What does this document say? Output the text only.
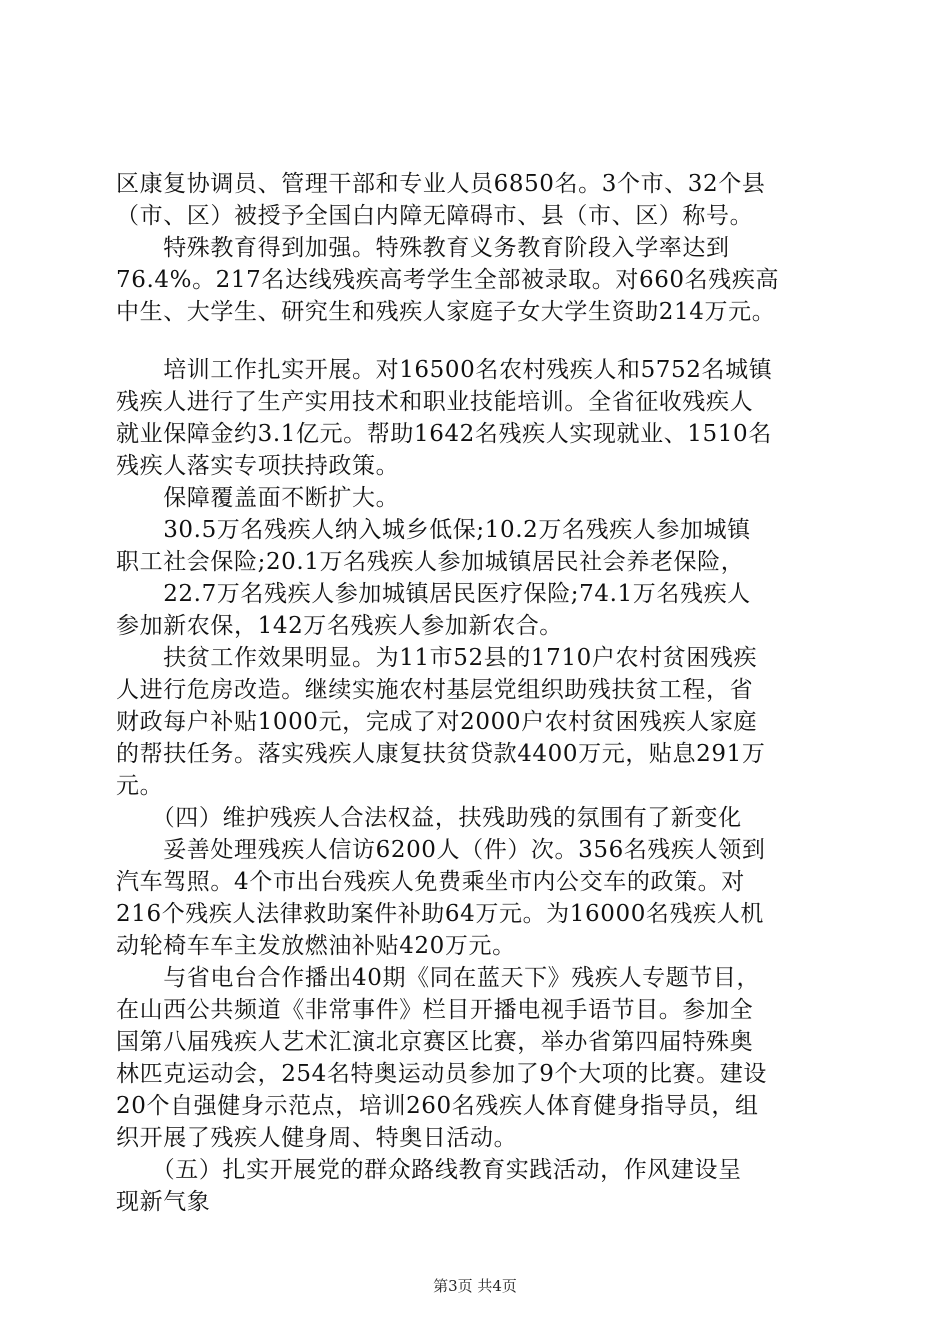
区康复协调员、管理干部和专业人员6850名。3个市、32个县
（市、区）被授予全国白内障无障碍市、县（市、区）称号。

　　特殊教育得到加强。特殊教育义务教育阶段入学率达到
76.4%。217名达线残疾高考学生全部被录取。对660名残疾高
中生、大学生、研究生和残疾人家庭子女大学生资助214万元。

　　培训工作扎实开展。对16500名农村残疾人和5752名城镇
残疾人进行了生产实用技术和职业技能培训。全省征收残疾人
就业保障金约3.1亿元。帮助1642名残疾人实现就业、1510名
残疾人落实专项扶持政策。

　　保障覆盖面不断扩大。

　　30.5万名残疾人纳入城乡低保;10.2万名残疾人参加城镇
职工社会保险;20.1万名残疾人参加城镇居民社会养老保险，

　　22.7万名残疾人参加城镇居民医疗保险;74.1万名残疾人
参加新农保，142万名残疾人参加新农合。

　　扶贫工作效果明显。为11市52县的1710户农村贫困残疾
人进行危房改造。继续实施农村基层党组织助残扶贫工程，省
财政每户补贴1000元，完成了对2000户农村贫困残疾人家庭
的帮扶任务。落实残疾人康复扶贫贷款4400万元，贴息291万
元。

　　（四）维护残疾人合法权益，扶残助残的氛围有了新变化

　　妥善处理残疾人信访6200人（件）次。356名残疾人领到
汽车驾照。4个市出台残疾人免费乘坐市内公交车的政策。对
216个残疾人法律救助案件补助64万元。为16000名残疾人机
动轮椅车车主发放燃油补贴420万元。

　　与省电台合作播出40期《同在蓝天下》残疾人专题节目，
在山西公共频道《非常事件》栏目开播电视手语节目。参加全
国第八届残疾人艺术汇演北京赛区比赛，举办省第四届特殊奥
林匹克运动会，254名特奥运动员参加了9个大项的比赛。建设
20个自强健身示范点，培训260名残疾人体育健身指导员，组
织开展了残疾人健身周、特奥日活动。

　　（五）扎实开展党的群众路线教育实践活动，作风建设呈
现新气象

第3页 共4页
